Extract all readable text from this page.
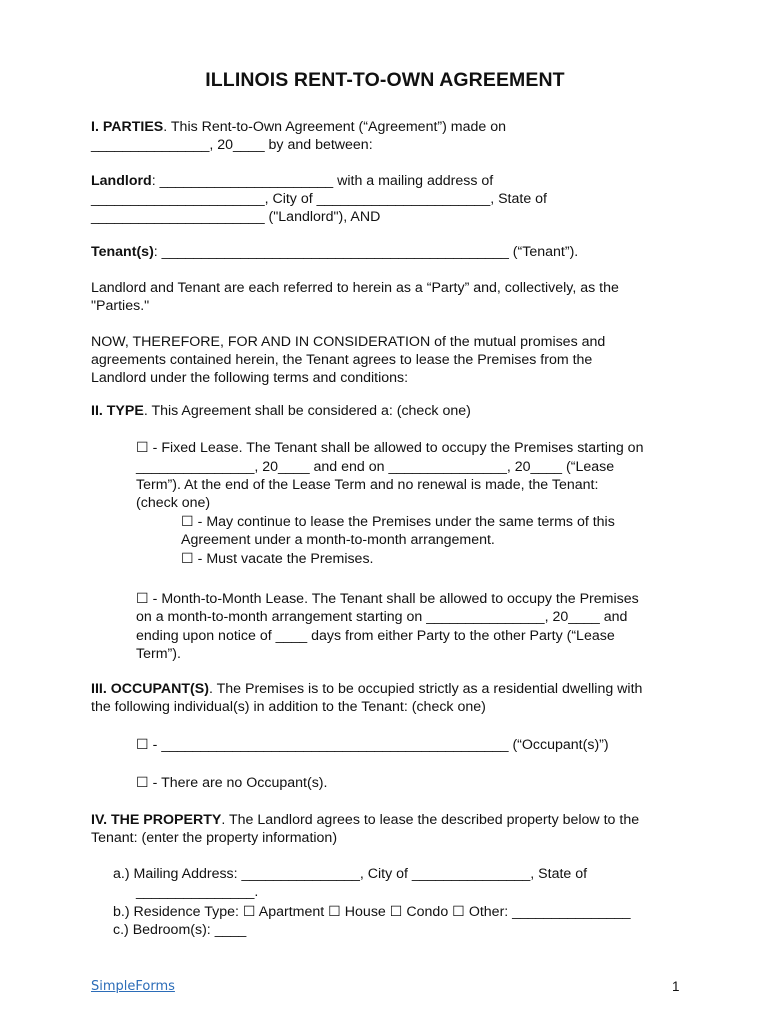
ILLINOIS RENT-TO-OWN AGREEMENT
I. PARTIES. This Rent-to-Own Agreement (“Agreement”) made on
_______________, 20____ by and between:
Landlord: ______________________ with a mailing address of
______________________, City of ______________________, State of
______________________ ("Landlord"), AND
Tenant(s): ____________________________________________ (“Tenant”).
Landlord and Tenant are each referred to herein as a “Party” and, collectively, as the
"Parties."
NOW, THEREFORE, FOR AND IN CONSIDERATION of the mutual promises and
agreements contained herein, the Tenant agrees to lease the Premises from the
Landlord under the following terms and conditions:
II. TYPE. This Agreement shall be considered a: (check one)
☐ - Fixed Lease. The Tenant shall be allowed to occupy the Premises starting on
_______________, 20____ and end on _______________, 20____ (“Lease
Term”). At the end of the Lease Term and no renewal is made, the Tenant:
(check one)
☐ - May continue to lease the Premises under the same terms of this
Agreement under a month-to-month arrangement.
☐ - Must vacate the Premises.
☐ - Month-to-Month Lease. The Tenant shall be allowed to occupy the Premises
on a month-to-month arrangement starting on _______________, 20____ and
ending upon notice of ____ days from either Party to the other Party (“Lease
Term”).
III. OCCUPANT(S). The Premises is to be occupied strictly as a residential dwelling with
the following individual(s) in addition to the Tenant: (check one)
☐ - ____________________________________________ (“Occupant(s)”)
☐ - There are no Occupant(s).
IV. THE PROPERTY. The Landlord agrees to lease the described property below to the
Tenant: (enter the property information)
a.) Mailing Address: _______________, City of _______________, State of
_______________.
b.) Residence Type: ☐ Apartment ☐ House ☐ Condo ☐ Other: _______________
c.) Bedroom(s): ____
SimpleForms	1
